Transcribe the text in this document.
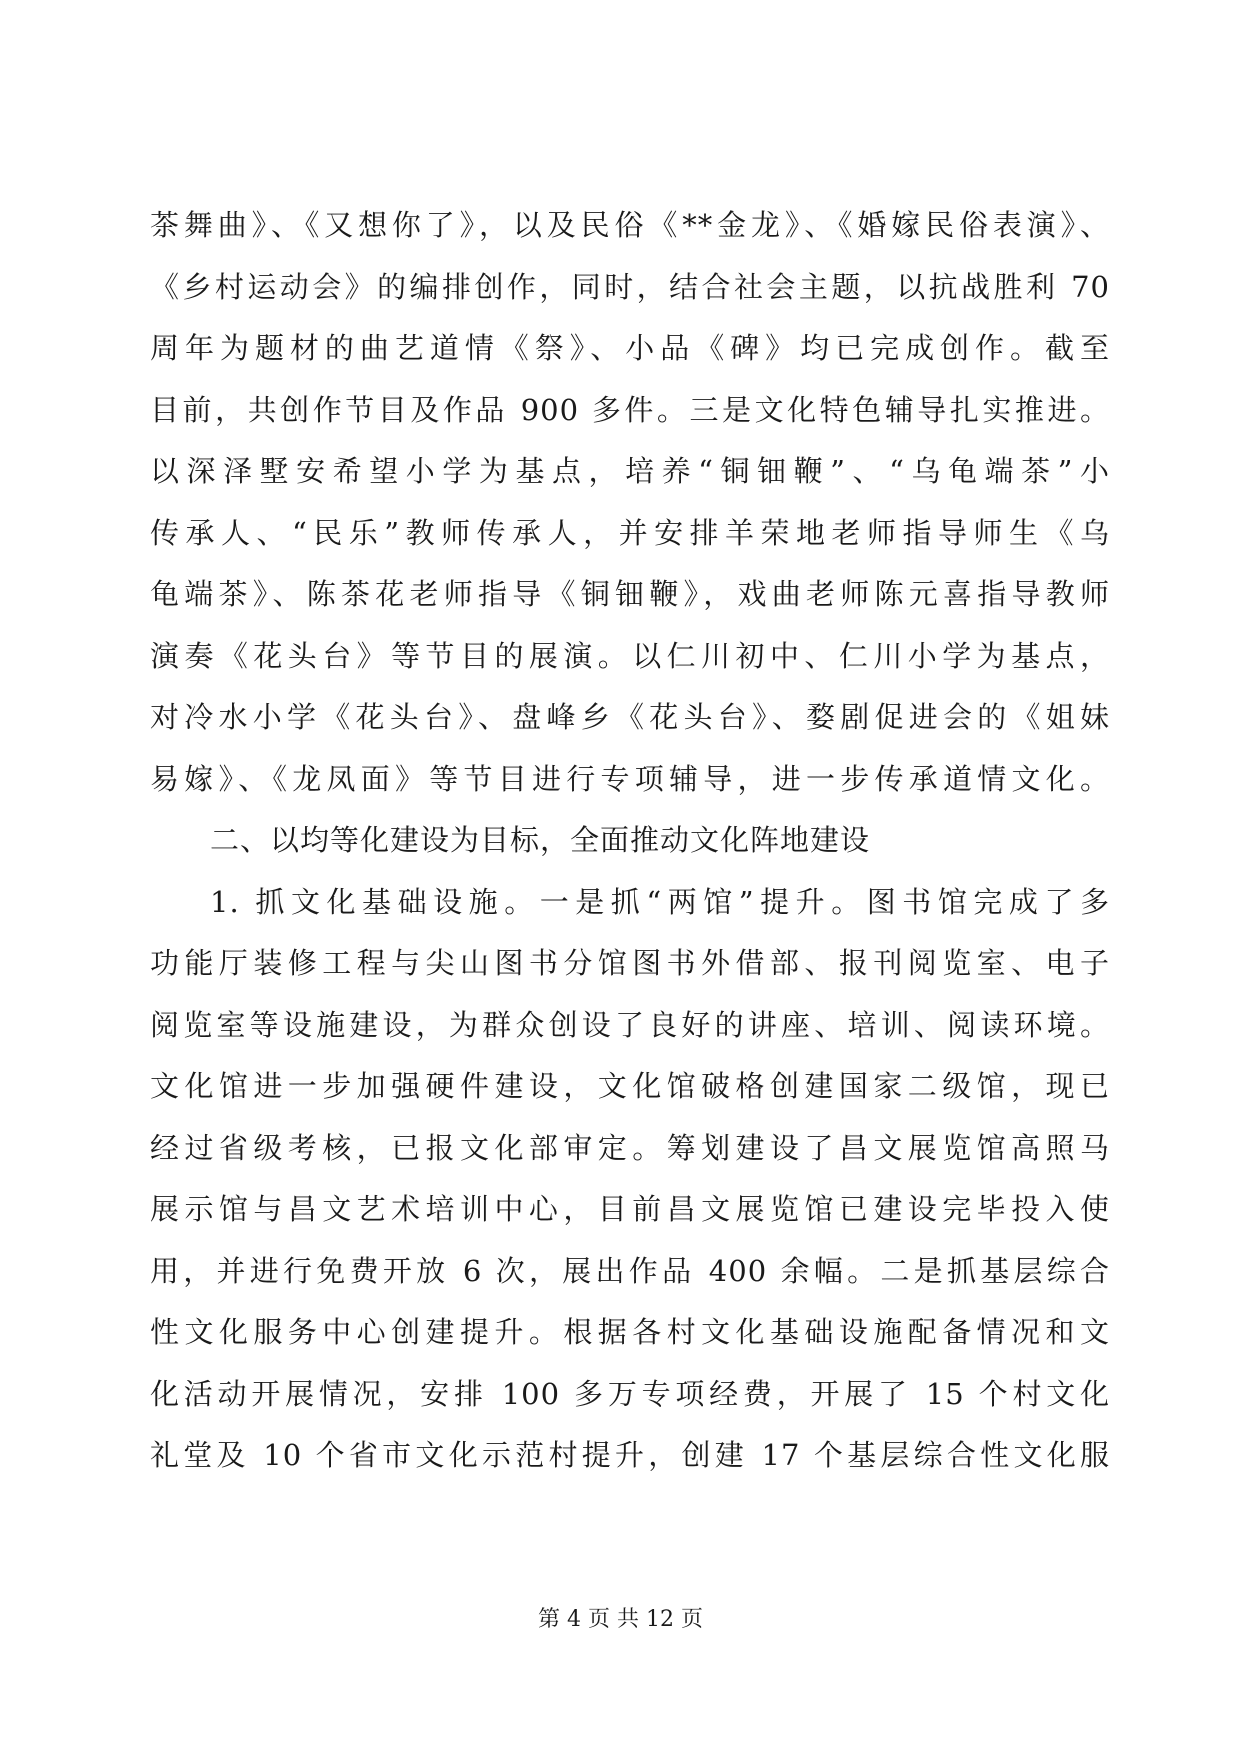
茶舞曲》、《又想你了》，以及民俗《**金龙》、《婚嫁民俗表演》、
《乡村运动会》的编排创作，同时，结合社会主题，以抗战胜利 70
周年为题材的曲艺道情《祭》、小品《碑》均已完成创作。截至
目前，共创作节目及作品 900 多件。三是文化特色辅导扎实推进。
以深泽墅安希望小学为基点，培养“铜钿鞭”、“乌龟端茶”小
传承人、“民乐”教师传承人，并安排羊荣地老师指导师生《乌
龟端茶》、陈茶花老师指导《铜钿鞭》，戏曲老师陈元喜指导教师
演奏《花头台》等节目的展演。以仁川初中、仁川小学为基点，
对冷水小学《花头台》、盘峰乡《花头台》、婺剧促进会的《姐妹
易嫁》、《龙凤面》等节目进行专项辅导，进一步传承道情文化。
二、以均等化建设为目标，全面推动文化阵地建设
1. 抓文化基础设施。一是抓“两馆”提升。图书馆完成了多
功能厅装修工程与尖山图书分馆图书外借部、报刊阅览室、电子
阅览室等设施建设，为群众创设了良好的讲座、培训、阅读环境。
文化馆进一步加强硬件建设，文化馆破格创建国家二级馆，现已
经过省级考核，已报文化部审定。筹划建设了昌文展览馆高照马
展示馆与昌文艺术培训中心，目前昌文展览馆已建设完毕投入使
用，并进行免费开放 6 次，展出作品 400 余幅。二是抓基层综合
性文化服务中心创建提升。根据各村文化基础设施配备情况和文
化活动开展情况，安排 100 多万专项经费，开展了 15 个村文化
礼堂及 10 个省市文化示范村提升，创建 17 个基层综合性文化服
第 4 页 共 12 页
